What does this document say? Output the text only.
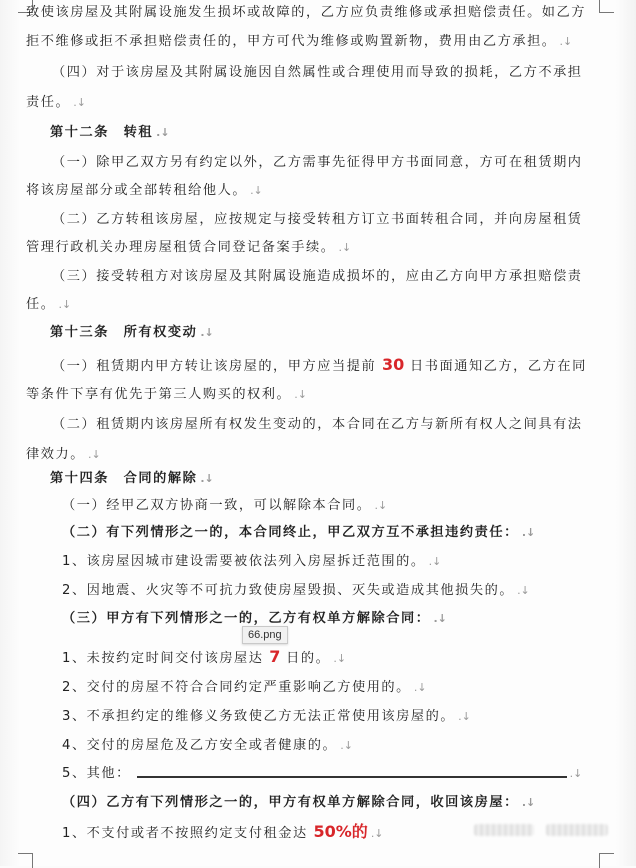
致使该房屋及其附属设施发生损坏或故障的，乙方应负责维修或承担赔偿责任。如乙方
拒不维修或拒不承担赔偿责任的，甲方可代为维修或购置新物，费用由乙方承担。 .↓
（四）对于该房屋及其附属设施因自然属性或合理使用而导致的损耗，乙方不承担
责任。 .↓
第十二条　转租 .↓
（一）除甲乙双方另有约定以外，乙方需事先征得甲方书面同意，方可在租赁期内
将该房屋部分或全部转租给他人。 .↓
（二）乙方转租该房屋，应按规定与接受转租方订立书面转租合同，并向房屋租赁
管理行政机关办理房屋租赁合同登记备案手续。 .↓
（三）接受转租方对该房屋及其附属设施造成损坏的，应由乙方向甲方承担赔偿责
任。 .↓
第十三条　所有权变动 .↓
（一）租赁期内甲方转让该房屋的，甲方应当提前 30 日书面通知乙方，乙方在同
等条件下享有优先于第三人购买的权利。 .↓
（二）租赁期内该房屋所有权发生变动的，本合同在乙方与新所有权人之间具有法
律效力。 .↓
第十四条　合同的解除 .↓
（一）经甲乙双方协商一致，可以解除本合同。 .↓
（二）有下列情形之一的，本合同终止，甲乙双方互不承担违约责任： .↓
1、该房屋因城市建设需要被依法列入房屋拆迁范围的。 .↓
2、因地震、火灾等不可抗力致使房屋毁损、灭失或造成其他损失的。 .↓
（三）甲方有下列情形之一的，乙方有权单方解除合同： .↓
66.png
1、未按约定时间交付该房屋达 7 日的。 .↓
2、交付的房屋不符合合同约定严重影响乙方使用的。 .↓
3、不承担约定的维修义务致使乙方无法正常使用该房屋的。 .↓
4、交付的房屋危及乙方安全或者健康的。 .↓
5、其他：	.↓
（四）乙方有下列情形之一的，甲方有权单方解除合同，收回该房屋： .↓
1、不支付或者不按照约定支付租金达 50%的 .↓
